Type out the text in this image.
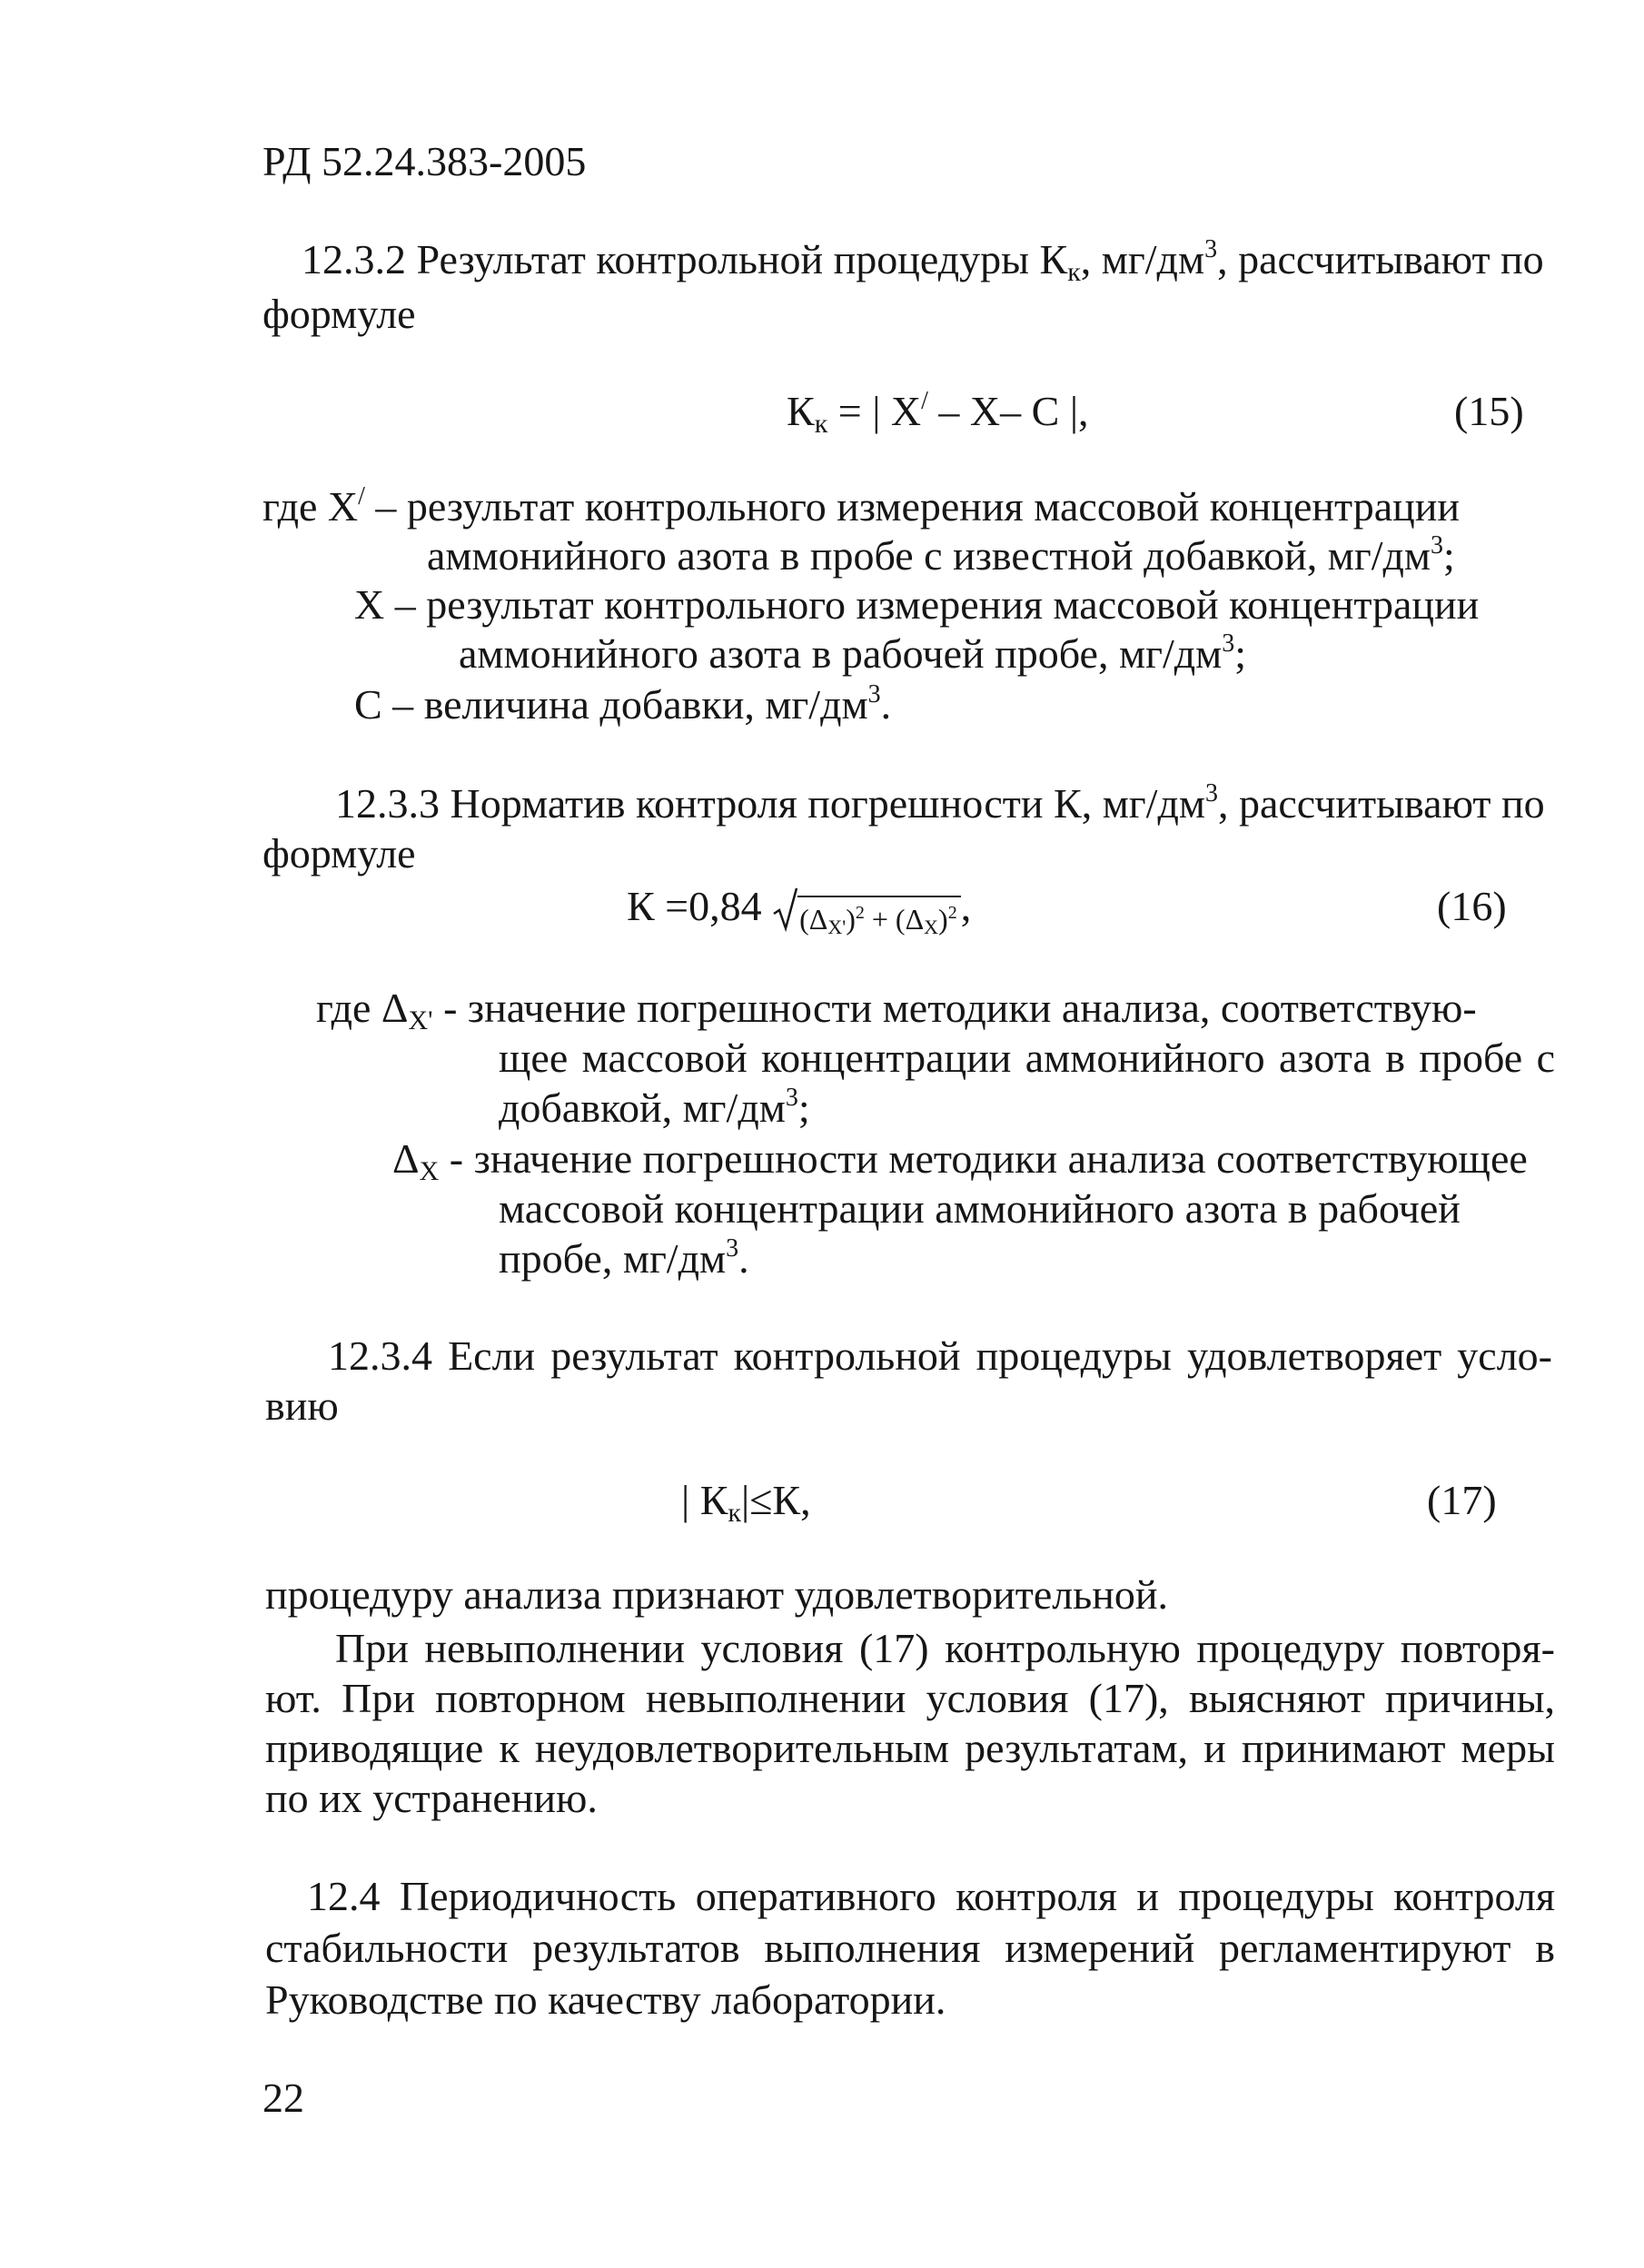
РД 52.24.383-2005
12.3.2 Результат контрольной процедуры $К_к$, $мг/дм^3$, рассчитывают по
формуле
$К_к$ = | X/ – X– C |,	(15)
где X/ – результат контрольного измерения массовой концентрации
аммонийного азота в пробе с известной добавкой, $мг/дм^3$;
X – результат контрольного измерения массовой концентрации
аммонийного азота в рабочей пробе, $мг/дм^3$;
C – величина добавки, $мг/дм^3$.
12.3.3 Норматив контроля погрешности К, $мг/дм^3$, рассчитывают по
формуле
К =0,84 $(\Delta X')^2 + (\Delta X)^2$,	(16)
где $\Delta_{X'}$ - значение погрешности методики анализа, соответствую-
щее массовой концентрации аммонийного азота в пробе с
добавкой, $мг/дм^3$;
$\Delta_X$ - значение погрешности методики анализа соответствующее
массовой концентрации аммонийного азота в рабочей
пробе, $мг/дм^3$.
12.3.4 Если результат контрольной процедуры удовлетворяет усло-
вию
| $К_к|\le К$,	(17)
процедуру анализа признают удовлетворительной.
При невыполнении условия (17) контрольную процедуру повторя-
ют. При повторном невыполнении условия (17), выясняют причины,
приводящие к неудовлетворительным результатам, и принимают меры
по их устранению.
12.4 Периодичность оперативного контроля и процедуры контроля
стабильности результатов выполнения измерений регламентируют в
Руководстве по качеству лаборатории.
22
